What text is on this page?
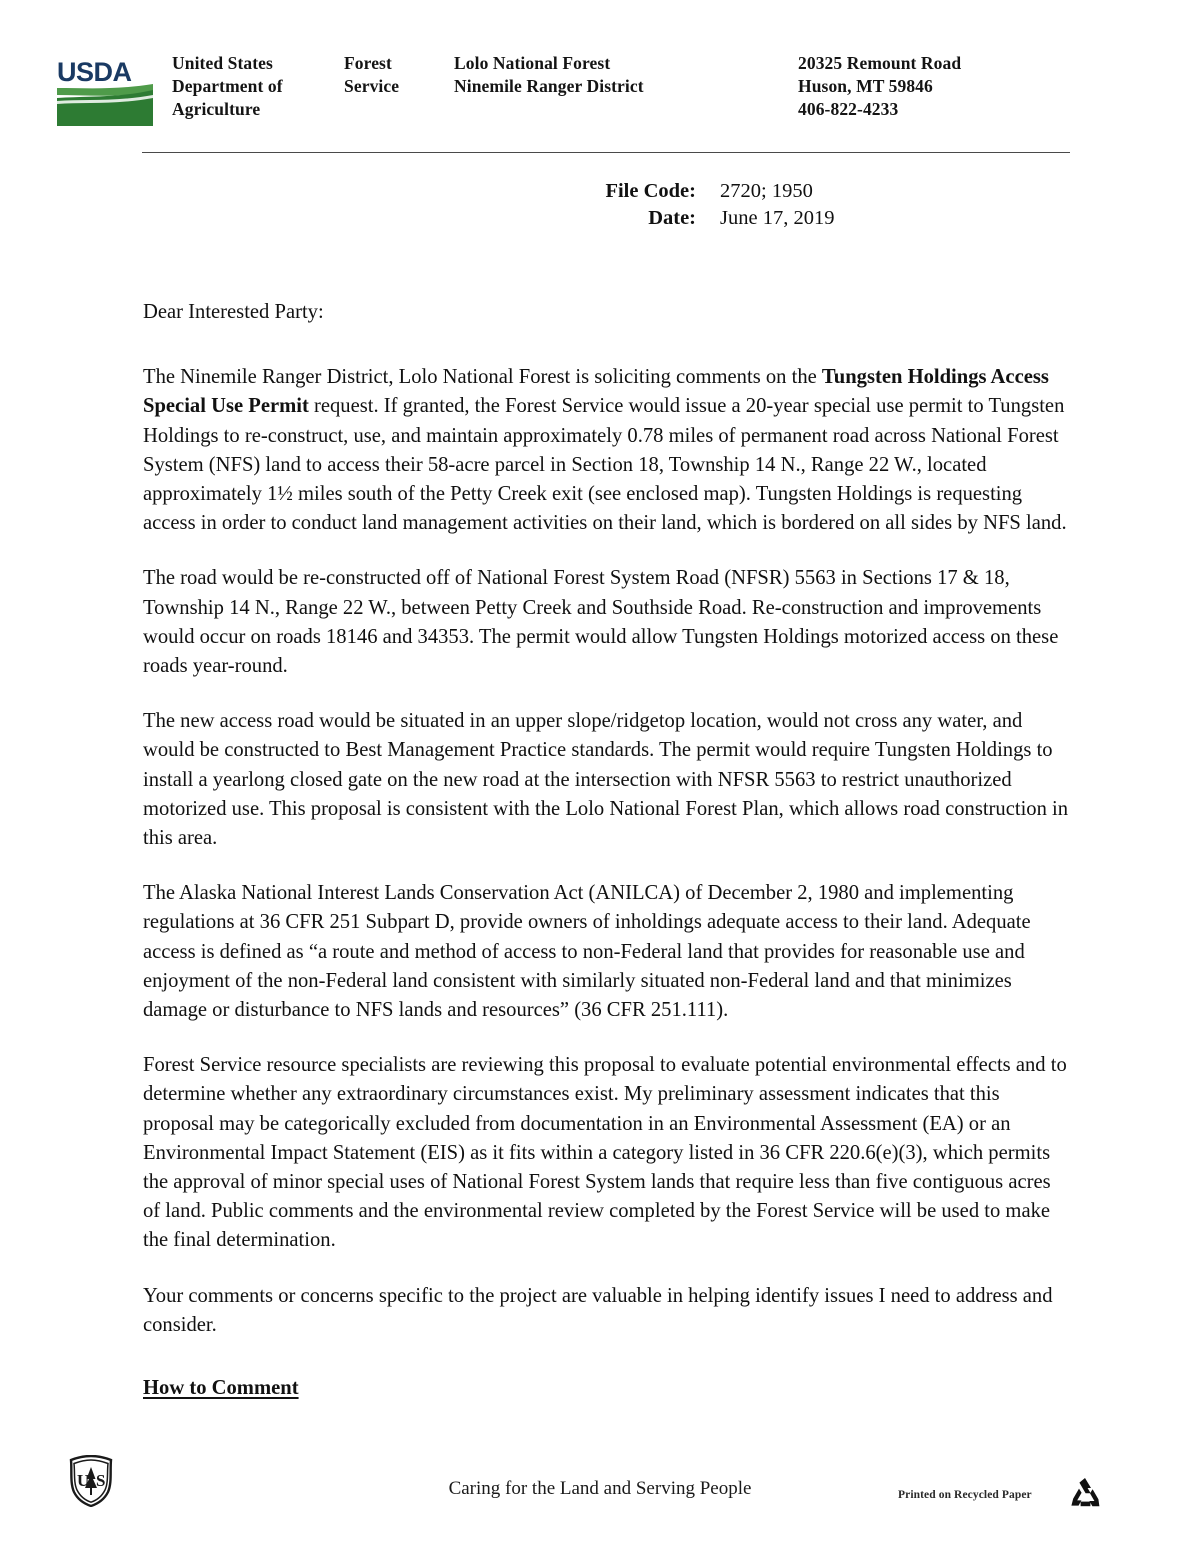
USDA United States
Department of
Agriculture
Forest
Service
Lolo National Forest
Ninemile Ranger District
20325 Remount Road
Huson, MT 59846
406-822-4233
File Code:	2720; 1950
Date:	June 17, 2019

Dear Interested Party:

The Ninemile Ranger District, Lolo National Forest is soliciting comments on the Tungsten Holdings Access Special Use Permit request. If granted, the Forest Service would issue a 20-year special use permit to Tungsten Holdings to re-construct, use, and maintain approximately 0.78 miles of permanent road across National Forest System (NFS) land to access their 58-acre parcel in Section 18, Township 14 N., Range 22 W., located approximately 1½ miles south of the Petty Creek exit (see enclosed map). Tungsten Holdings is requesting access in order to conduct land management activities on their land, which is bordered on all sides by NFS land.

The road would be re-constructed off of National Forest System Road (NFSR) 5563 in Sections 17 & 18, Township 14 N., Range 22 W., between Petty Creek and Southside Road. Re-construction and improvements would occur on roads 18146 and 34353. The permit would allow Tungsten Holdings motorized access on these roads year-round.

The new access road would be situated in an upper slope/ridgetop location, would not cross any water, and would be constructed to Best Management Practice standards. The permit would require Tungsten Holdings to install a yearlong closed gate on the new road at the intersection with NFSR 5563 to restrict unauthorized motorized use. This proposal is consistent with the Lolo National Forest Plan, which allows road construction in this area.

The Alaska National Interest Lands Conservation Act (ANILCA) of December 2, 1980 and implementing regulations at 36 CFR 251 Subpart D, provide owners of inholdings adequate access to their land. Adequate access is defined as “a route and method of access to non-Federal land that provides for reasonable use and enjoyment of the non-Federal land consistent with similarly situated non-Federal land and that minimizes damage or disturbance to NFS lands and resources” (36 CFR 251.111).

Forest Service resource specialists are reviewing this proposal to evaluate potential environmental effects and to determine whether any extraordinary circumstances exist. My preliminary assessment indicates that this proposal may be categorically excluded from documentation in an Environmental Assessment (EA) or an Environmental Impact Statement (EIS) as it fits within a category listed in 36 CFR 220.6(e)(3), which permits the approval of minor special uses of National Forest System lands that require less than five contiguous acres of land. Public comments and the environmental review completed by the Forest Service will be used to make the final determination.

Your comments or concerns specific to the project are valuable in helping identify issues I need to address and consider.

How to Comment

U S	Caring for the Land and Serving People	Printed on Recycled Paper
